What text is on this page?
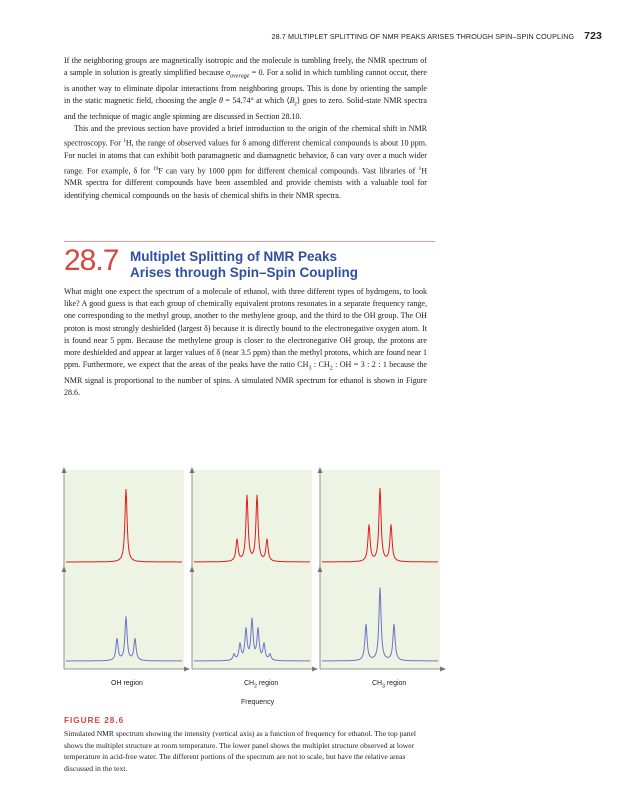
28.7 MULTIPLET SPLITTING OF NMR PEAKS ARISES THROUGH SPIN–SPIN COUPLING 723

If the neighboring groups are magnetically isotropic and the molecule is tumbling freely, the NMR spectrum of a sample in solution is greatly simplified because $\sigma_{average} = 0$. For a solid in which tumbling cannot occur, there is another way to eliminate dipolar interactions from neighboring groups. This is done by orienting the sample in the static magnetic field, choosing the angle θ = 54.74° at which $⟨B_z⟩$ goes to zero. Solid-state NMR spectra and the technique of magic angle spinning are discussed in Section 28.10.

This and the previous section have provided a brief introduction to the origin of the chemical shift in NMR spectroscopy. For $^1$H, the range of observed values for δ among different chemical compounds is about 10 ppm. For nuclei in atoms that can exhibit both paramagnetic and diamagnetic behavior, δ can vary over a much wider range. For example, δ for $^{19}$F can vary by 1000 ppm for different chemical compounds. Vast libraries of $^1$H NMR spectra for different compounds have been assembled and provide chemists with a valuable tool for identifying chemical compounds on the basis of chemical shifts in their NMR spectra.

28.7 Multiplet Splitting of NMR Peaks
Arises through Spin–Spin Coupling

What might one expect the spectrum of a molecule of ethanol, with three different types of hydrogens, to look like? A good guess is that each group of chemically equivalent protons resonates in a separate frequency range, one corresponding to the methyl group, another to the methylene group, and the third to the OH group. The OH proton is most strongly deshielded (largest δ) because it is directly bound to the electronegative oxygen atom. It is found near 5 ppm. Because the methylene group is closer to the electronegative OH group, the protons are more deshielded and appear at larger values of δ (near 3.5 ppm) than the methyl protons, which are found near 1 ppm. Furthermore, we expect that the areas of the peaks have the ratio $CH_3$ : $CH_2$ : OH = 3 : 2 : 1 because the NMR signal is proportional to the number of spins. A simulated NMR spectrum for ethanol is shown in Figure 28.6.

OH region	$CH_2$ region	$CH_3$ region
Frequency
FIGURE 28.6
Simulated NMR spectrum showing the intensity (vertical axis) as a function of frequency for ethanol. The top panel shows the multiplet structure at room temperature. The lower panel shows the multiplet structure observed at lower temperature in acid-free water. The different portions of the spectrum are not to scale, but have the relative areas discussed in the text.
